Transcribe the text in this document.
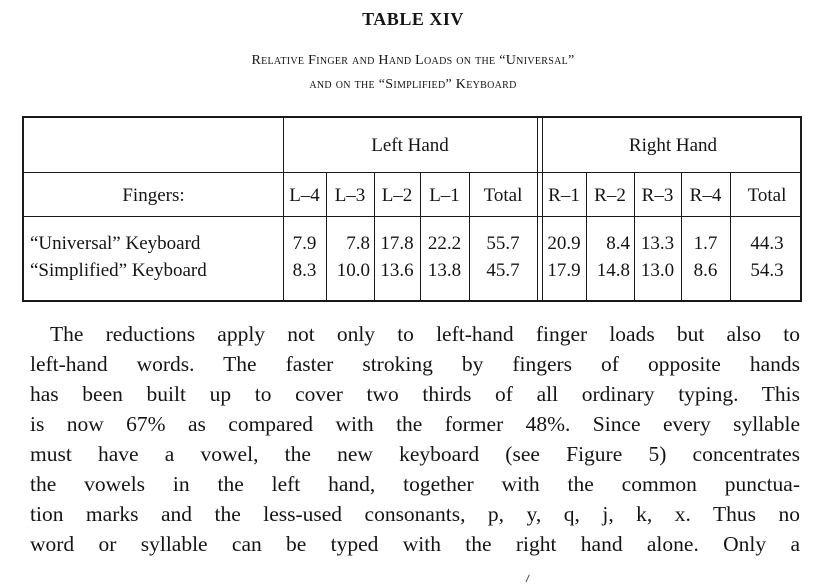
TABLE XIV
Relative Finger and Hand Loads on the “Universal”
and on the “Simplified” Keyboard
Left Hand	Right Hand
Fingers:	L–4 L–3 L–2 L–1	Total	R–1 R–2 R–3 R–4	Total
“Universal” Keyboard	7.9	7.8 17.8 22.2	55.7	20.9	8.4 13.3	1.7	44.3
“Simplified” Keyboard	8.3	10.0 13.6 13.8	45.7	17.9 14.8 13.0	8.6	54.3
The reductions apply not only to left-hand finger loads but also to
left-hand words. The faster stroking by fingers of opposite hands
has been built up to cover two thirds of all ordinary typing. This
is now 67% as compared with the former 48%. Since every syllable
must have a vowel, the new keyboard (see Figure 5) concentrates
the vowels in the left hand, together with the common punctua-
tion marks and the less-used consonants, p, y, q, j, k, x. Thus no
word or syllable can be typed with the right hand alone. Only a
